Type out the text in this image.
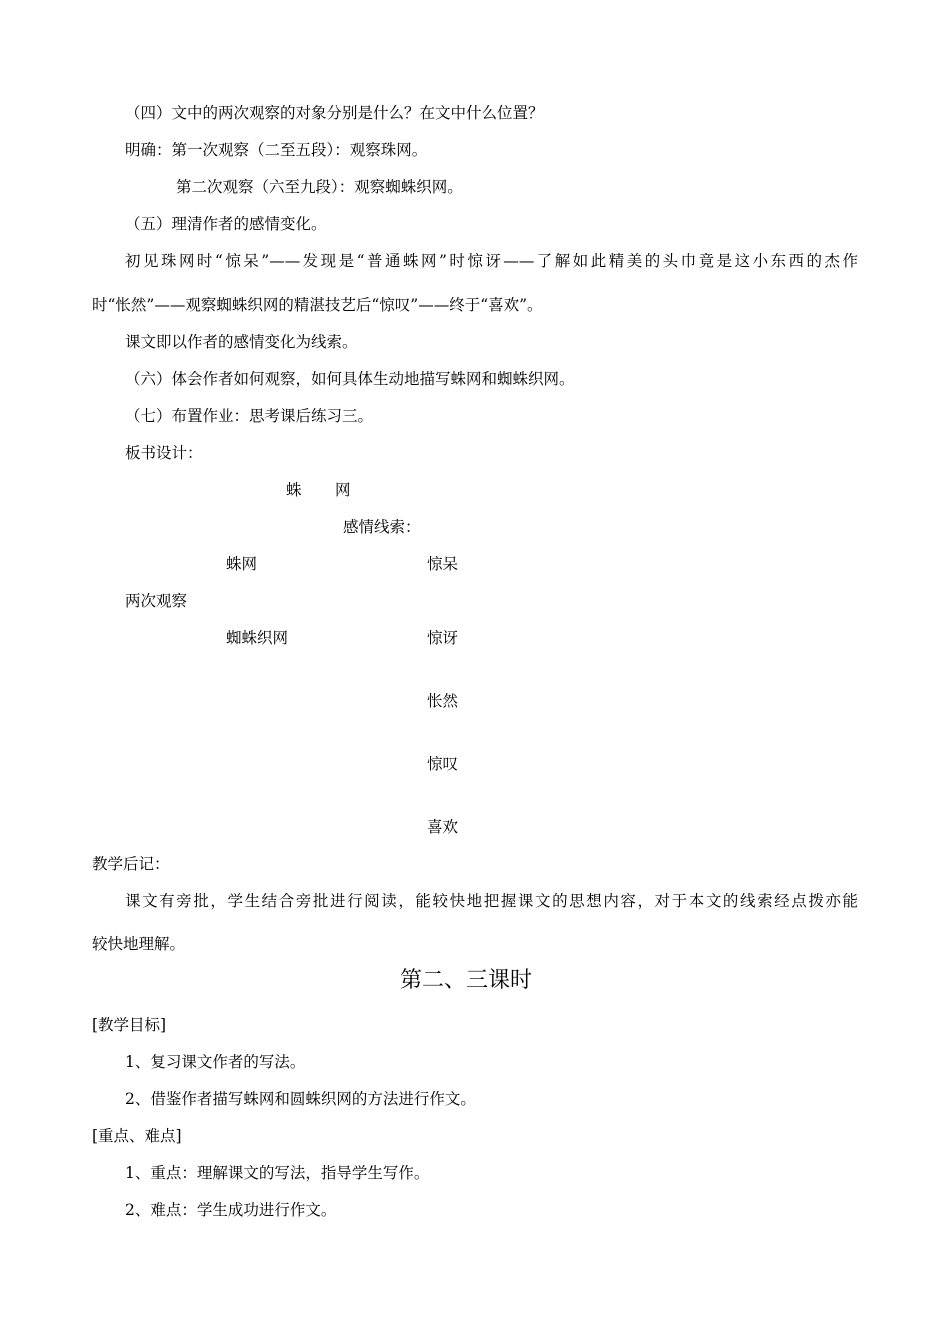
（四）文中的两次观察的对象分别是什么？在文中什么位置？

明确：第一次观察（二至五段）：观察珠网。

第二次观察（六至九段）：观察蜘蛛织网。

（五）理清作者的感情变化。

初见珠网时“惊呆”——发现是“普通蛛网”时惊讶——了解如此精美的头巾竟是这小东西的杰作

时“怅然”——观察蜘蛛织网的精湛技艺后“惊叹”——终于“喜欢”。

课文即以作者的感情变化为线索。

（六）体会作者如何观察，如何具体生动地描写蛛网和蜘蛛织网。

（七）布置作业：思考课后练习三。

板书设计：

蛛 网

感情线索：

蛛网	惊呆

两次观察

蜘蛛织网	惊讶

怅然

惊叹

喜欢

教学后记：

课文有旁批，学生结合旁批进行阅读，能较快地把握课文的思想内容，对于本文的线索经点拨亦能

较快地理解。

第二、三课时

[教学目标]

1、复习课文作者的写法。

2、借鉴作者描写蛛网和圆蛛织网的方法进行作文。

[重点、难点]

1、重点：理解课文的写法，指导学生写作。

2、难点：学生成功进行作文。
